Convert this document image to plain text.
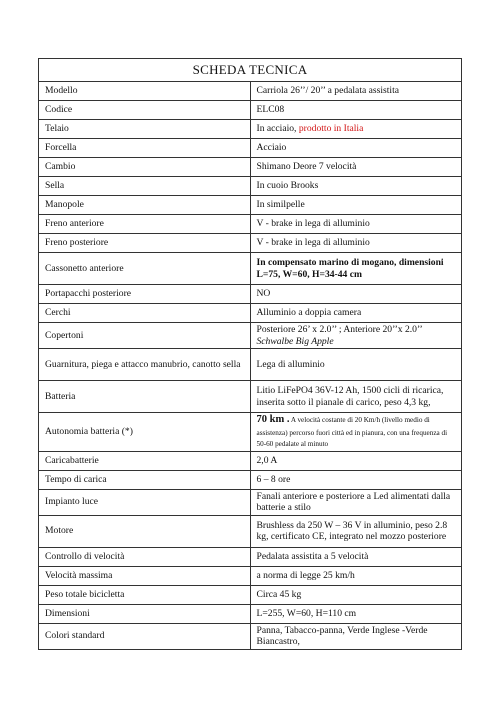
SCHEDA TECNICA	
Modello	Carriola 26’’/ 20’’ a pedalata assistita
Codice	ELC08
Telaio	In acciaio, prodotto in Italia
Forcella	Acciaio
Cambio	Shimano Deore 7 velocità
Sella	In cuoio Brooks
Manopole	In similpelle
Freno anteriore	V - brake in lega di alluminio
Freno posteriore	V - brake in lega di alluminio
Cassonetto anteriore	In compensato marino di mogano, dimensioni L=75, W=60, H=34-44 cm
Portapacchi posteriore	NO
Cerchi	Alluminio a doppia camera
Copertoni	Posteriore 26’ x 2.0’’ ; Anteriore 20’’x 2.0’’ Schwalbe Big Apple
Guarnitura, piega e attacco manubrio, canotto sella	Lega di alluminio
Batteria	Litio LiFePO4 36V-12 Ah, 1500 cicli di ricarica, inserita sotto il pianale di carico, peso 4,3 kg,
Autonomia batteria (*)	70 km . A velocità costante di 20 Km/h (livello medio di assistenza) percorso fuori città ed in pianura, con una frequenza di 50-60 pedalate al minuto
Caricabatterie	2,0 A
Tempo di carica	6 – 8 ore
Impianto luce	Fanali anteriore e posteriore a Led alimentati dalla batterie a stilo
Motore	Brushless da 250 W – 36 V in alluminio, peso 2.8 kg, certificato CE, integrato nel mozzo posteriore
Controllo di velocità	Pedalata assistita a 5 velocità
Velocità massima	a norma di legge 25 km/h
Peso totale bicicletta	Circa 45 kg
Dimensioni	L=255, W=60, H=110 cm
Colori standard	Panna, Tabacco-panna, Verde Inglese -Verde Biancastro,
